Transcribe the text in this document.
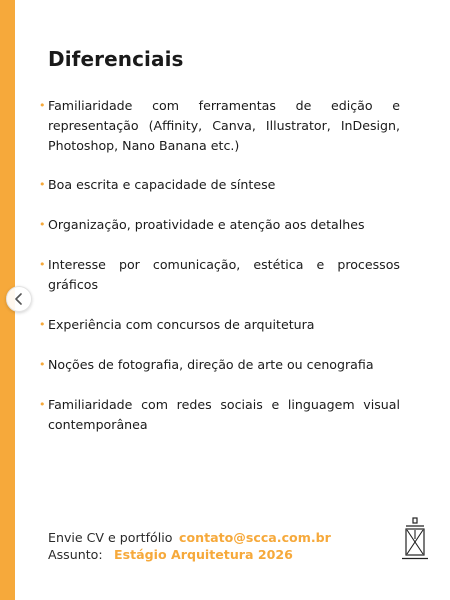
Diferenciais
• Familiaridade com ferramentas de edição e representação (Affinity, Canva, Illustrator, InDesign, Photoshop, Nano Banana etc.)
• Boa escrita e capacidade de síntese
• Organização, proatividade e atenção aos detalhes
• Interesse por comunicação, estética e processos gráficos
• Experiência com concursos de arquitetura
• Noções de fotografia, direção de arte ou cenografia
• Familiaridade com redes sociais e linguagem visual contemporânea
Envie CV e portfólio contato@scca.com.br
Assunto: Estágio Arquitetura 2026
